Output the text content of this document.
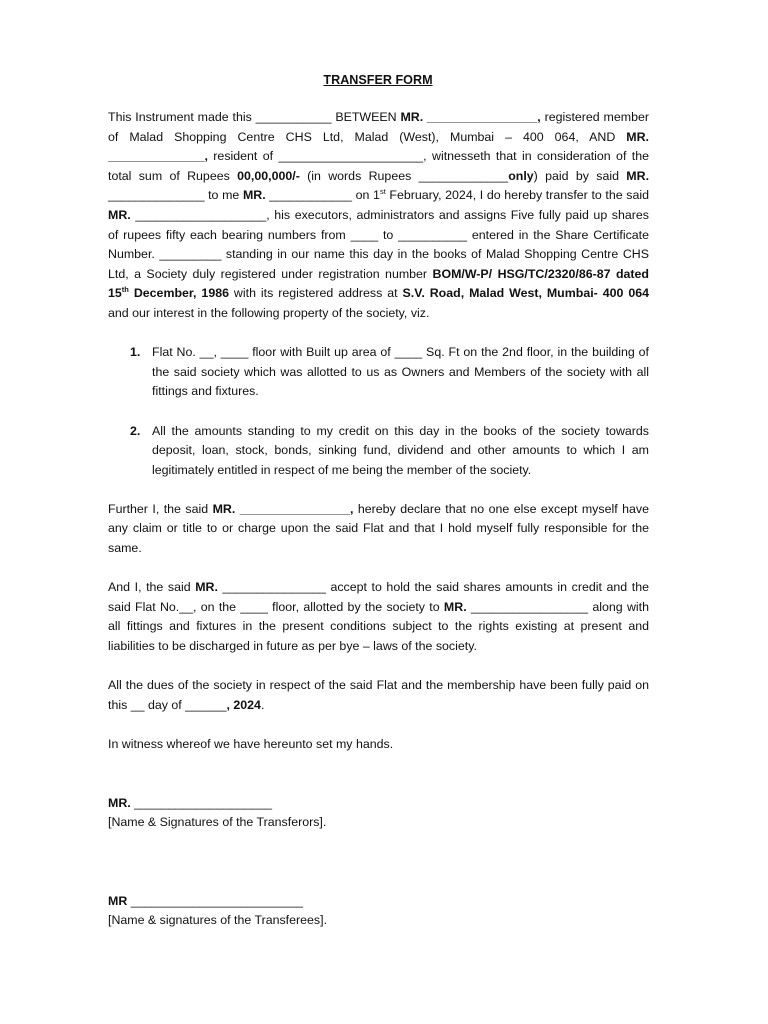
TRANSFER FORM

This Instrument made this ___________ BETWEEN MR. ________________, registered member of Malad Shopping Centre CHS Ltd, Malad (West), Mumbai – 400 064, AND MR. ______________, resident of _____________________, witnesseth that in consideration of the total sum of Rupees 00,00,000/- (in words Rupees _____________only) paid by said MR. ______________ to me MR. ____________ on 1st February, 2024, I do hereby transfer to the said MR. ___________________, his executors, administrators and assigns Five fully paid up shares of rupees fifty each bearing numbers from ____ to __________ entered in the Share Certificate Number. _________ standing in our name this day in the books of Malad Shopping Centre CHS Ltd, a Society duly registered under registration number BOM/W-P/ HSG/TC/2320/86-87 dated 15th December, 1986 with its registered address at S.V. Road, Malad West, Mumbai- 400 064 and our interest in the following property of the society, viz.

1. Flat No. __, ____ floor with Built up area of ____ Sq. Ft on the 2nd floor, in the building of the said society which was allotted to us as Owners and Members of the society with all fittings and fixtures.
2. All the amounts standing to my credit on this day in the books of the society towards deposit, loan, stock, bonds, sinking fund, dividend and other amounts to which I am legitimately entitled in respect of me being the member of the society.

Further I, the said MR. ________________, hereby declare that no one else except myself have any claim or title to or charge upon the said Flat and that I hold myself fully responsible for the same.

And I, the said MR. _______________ accept to hold the said shares amounts in credit and the said Flat No.__, on the ____ floor, allotted by the society to MR. _________________ along with all fittings and fixtures in the present conditions subject to the rights existing at present and liabilities to be discharged in future as per bye – laws of the society.

All the dues of the society in respect of the said Flat and the membership have been fully paid on this __ day of ______, 2024.

In witness whereof we have hereunto set my hands.

MR. ____________________
[Name & Signatures of the Transferors].
MR _________________________
[Name & signatures of the Transferees].
